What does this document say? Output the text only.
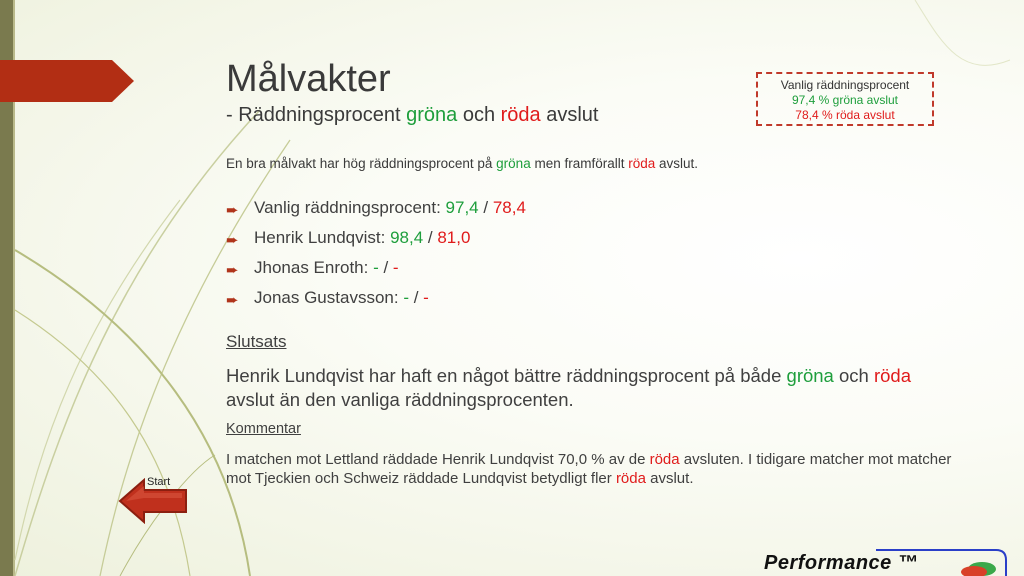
Målvakter
- Räddningsprocent gröna och röda avslut
Vanlig räddningsprocent
97,4 % gröna avslut
78,4 % röda avslut
En bra målvakt har hög räddningsprocent på gröna men framförallt röda avslut.
➨ Vanlig räddningsprocent: 97,4 / 78,4
➨ Henrik Lundqvist: 98,4 / 81,0
➨ Jhonas Enroth: - / -
➨ Jonas Gustavsson: - / -
Slutsats
Henrik Lundqvist har haft en något bättre räddningsprocent på både gröna och röda avslut än den vanliga räddningsprocenten.
Kommentar
I matchen mot Lettland räddade Henrik Lundqvist 70,0 % av de röda avsluten. I tidigare matcher mot matcher mot Tjeckien och Schweiz räddade Lundqvist betydligt fler röda avslut.
Start
Performance ™
